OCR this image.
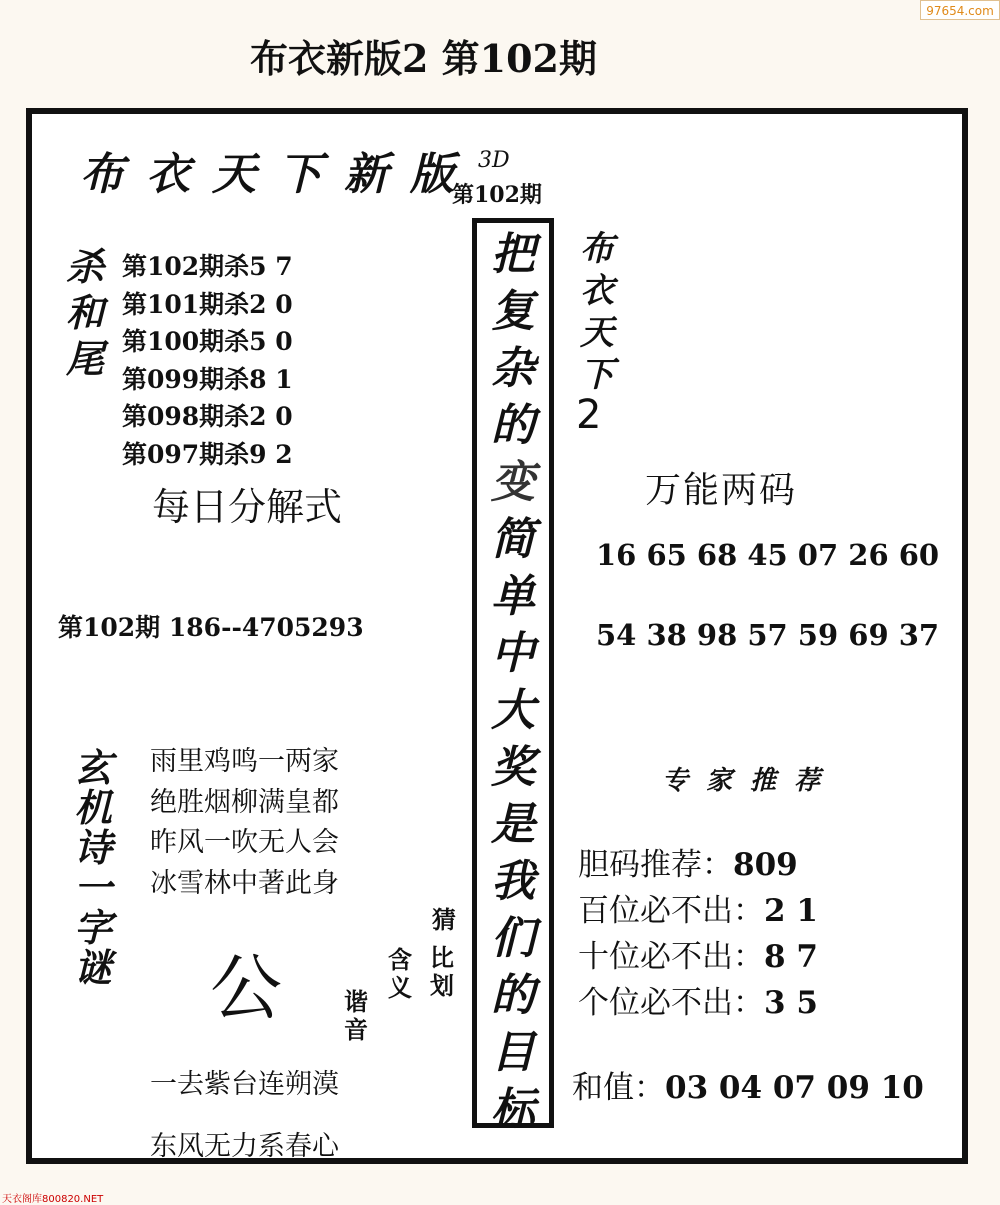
97654.com
布衣新版2 第102期
布衣天下新版 3D
第102期
杀
和
尾
第102期杀5 7
第101期杀2 0
第100期杀5 0
第099期杀8 1
第098期杀2 0
第097期杀9 2
每日分解式
第102期 186--4705293
玄
机
诗
一
字
谜
雨里鸡鸣一两家
绝胜烟柳满皇都
昨风一吹无人会
冰雪林中著此身
公	谐
音
含
义
比
划
猜
一去紫台连朔漠
东风无力系春心
把
复
杂
的
变
简
单
中
大
奖
是
我
们
的
目
标
布
衣
天
下
2
万能两码
16 65 68 45 07 26 60
54 38 98 57 59 69 37
专家推荐
胆码推荐：809
百位必不出：2 1
十位必不出：8 7
个位必不出：3 5
和值：03 04 07 09 10
天衣阁库800820.NET
